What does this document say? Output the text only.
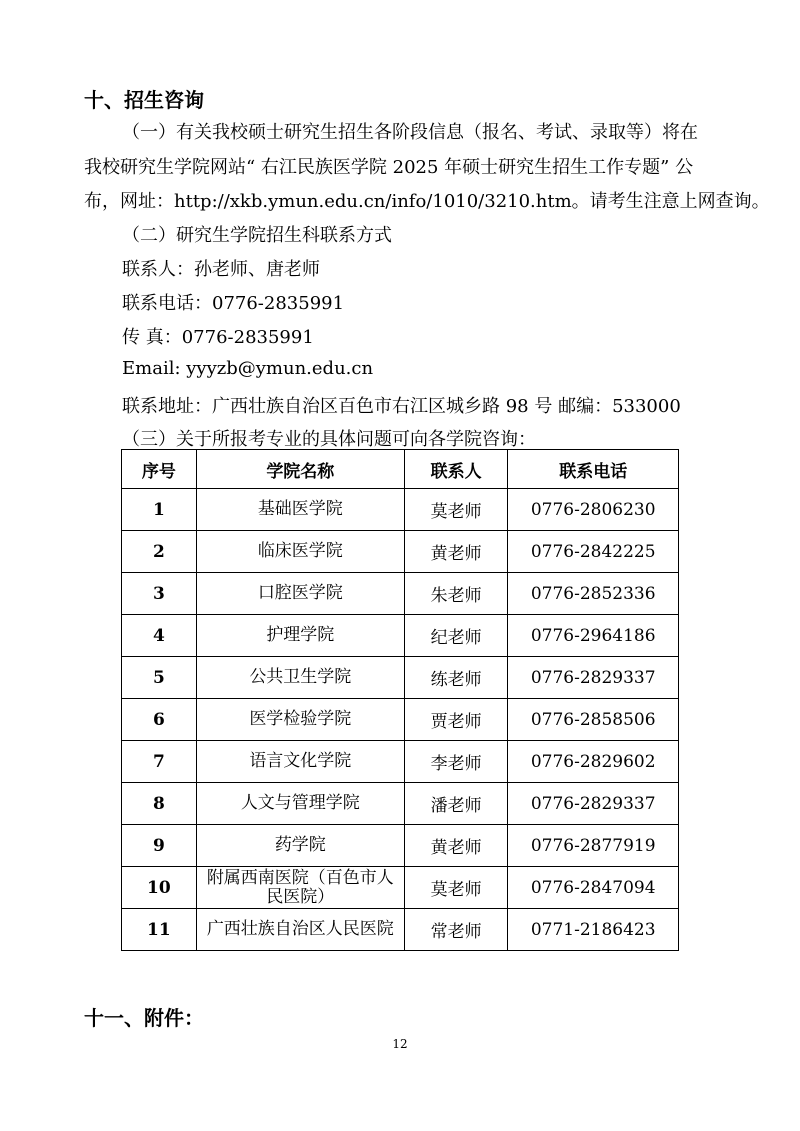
十、招生咨询
（一）有关我校硕士研究生招生各阶段信息（报名、考试、录取等）将在
我校研究生学院网站“ 右江民族医学院 2025 年硕士研究生招生工作专题” 公
布，网址：http://xkb.ymun.edu.cn/info/1010/3210.htm。请考生注意上网查询。
（二）研究生学院招生科联系方式
联系人：孙老师、唐老师
联系电话：0776-2835991
传 真：0776-2835991
Email: yyyzb@ymun.edu.cn
联系地址：广西壮族自治区百色市右江区城乡路 98 号 邮编：533000
（三）关于所报考专业的具体问题可向各学院咨询：
序号	学院名称	联系人	联系电话
1	基础医学院	莫老师	0776-2806230
2	临床医学院	黄老师	0776-2842225
3	口腔医学院	朱老师	0776-2852336
4	护理学院	纪老师	0776-2964186
5	公共卫生学院	练老师	0776-2829337
6	医学检验学院	贾老师	0776-2858506
7	语言文化学院	李老师	0776-2829602
8	人文与管理学院	潘老师	0776-2829337
9	药学院	黄老师	0776-2877919
10	附属西南医院（百色市人民医院）	莫老师	0776-2847094
11	广西壮族自治区人民医院	常老师	0771-2186423
十一、附件：
12
